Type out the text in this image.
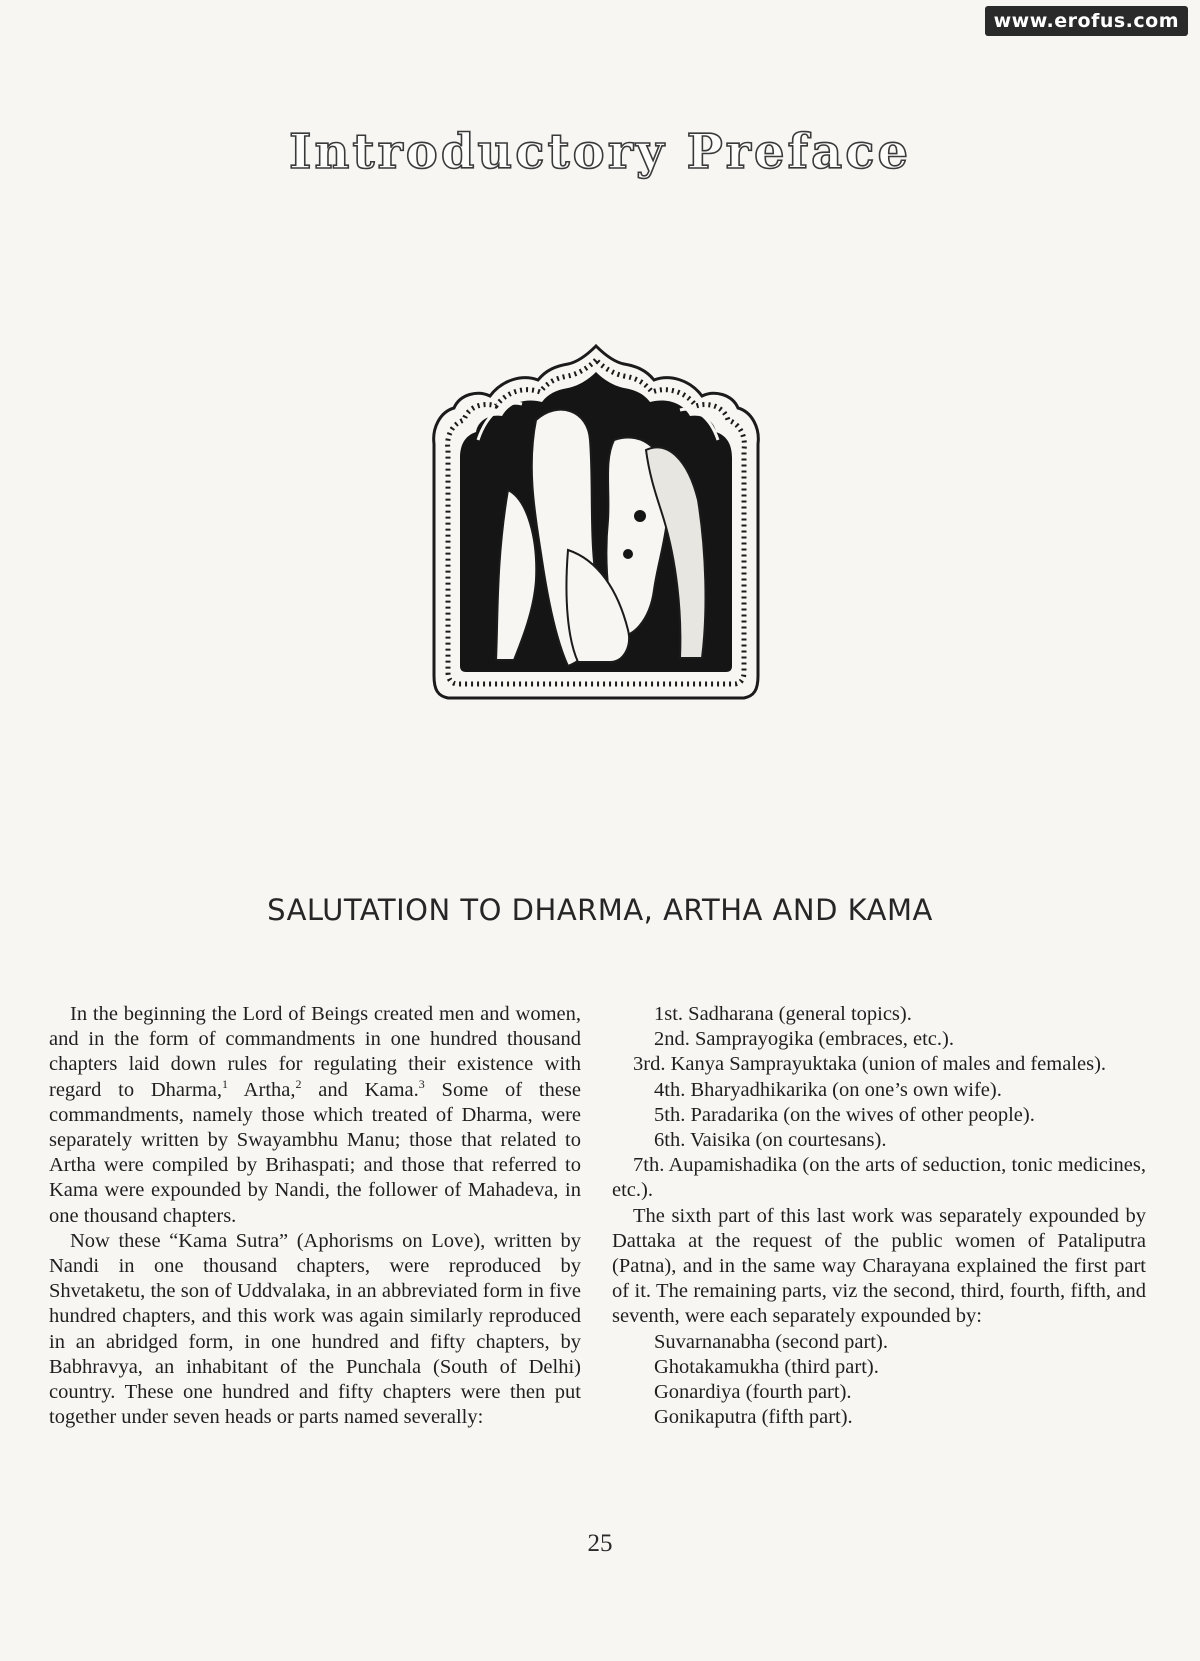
www.erofus.com
Introductory Preface
SALUTATION TO DHARMA, ARTHA AND KAMA

In the beginning the Lord of Beings created men and women, and in the form of commandments in one hundred thousand chapters laid down rules for regulating their existence with regard to Dharma,$^1$ Artha,$^2$ and Kama.$^3$ Some of these commandments, namely those which treated of Dharma, were separately written by Swayambhu Manu; those that related to Artha were compiled by Brihaspati; and those that referred to Kama were expounded by Nandi, the follower of Mahadeva, in one thousand chapters.

Now these “Kama Sutra” (Aphorisms on Love), written by Nandi in one thousand chapters, were reproduced by Shvetaketu, the son of Uddvalaka, in an abbreviated form in five hundred chapters, and this work was again similarly reproduced in an abridged form, in one hundred and fifty chapters, by Babhravya, an inhabitant of the Punchala (South of Delhi) country. These one hundred and fifty chapters were then put together under seven heads or parts named severally:

1st. Sadharana (general topics).

2nd. Samprayogika (embraces, etc.).

3rd. Kanya Samprayuktaka (union of males and females).

4th. Bharyadhikarika (on one’s own wife).

5th. Paradarika (on the wives of other people).

6th. Vaisika (on courtesans).

7th. Aupamishadika (on the arts of seduction, tonic medicines, etc.).

The sixth part of this last work was separately expounded by Dattaka at the request of the public women of Pataliputra (Patna), and in the same way Charayana explained the first part of it. The remaining parts, viz the second, third, fourth, fifth, and seventh, were each separately expounded by:

Suvarnanabha (second part).

Ghotakamukha (third part).

Gonardiya (fourth part).

Gonikaputra (fifth part).

25
